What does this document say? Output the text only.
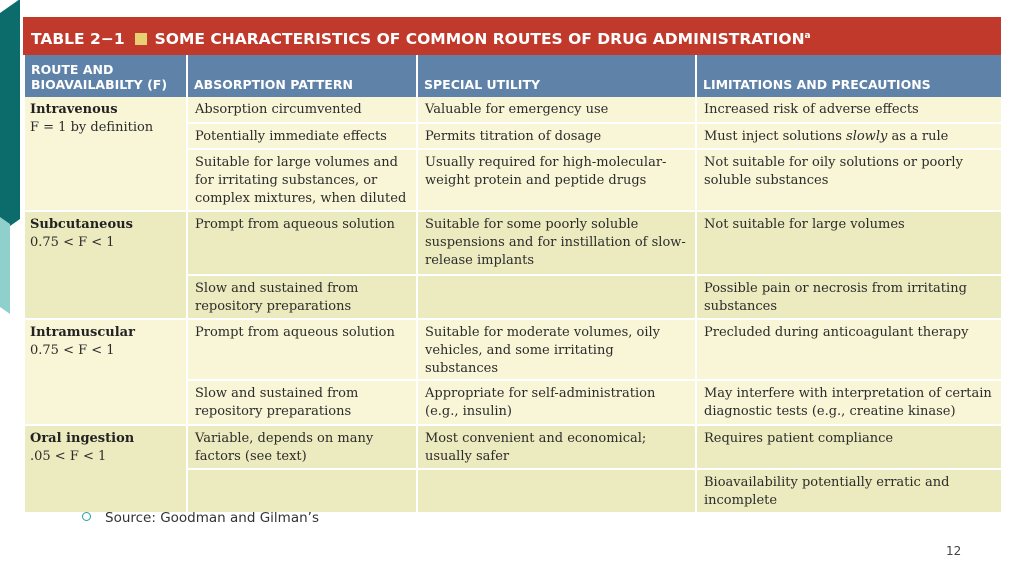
TABLE 2−1 SOME CHARACTERISTICS OF COMMON ROUTES OF DRUG ADMINISTRATION$^a$
ROUTE AND
BIOAVAILABILTY (F)	ABSORPTION PATTERN	SPECIAL UTILITY	LIMITATIONS AND PRECAUTIONS
Intravenous
F = 1 by definition	Absorption circumvented	Valuable for emergency use	Increased risk of adverse effects
	Potentially immediate effects	Permits titration of dosage	Must inject solutions slowly as a rule
	Suitable for large volumes and for irritating substances, or complex mixtures, when diluted	Usually required for high-molecular-weight protein and peptide drugs	Not suitable for oily solutions or poorly soluble substances
Subcutaneous
0.75 < F < 1	Prompt from aqueous solution	Suitable for some poorly soluble suspensions and for instillation of slow-release implants	Not suitable for large volumes
	Slow and sustained from repository preparations		Possible pain or necrosis from irritating substances
Intramuscular
0.75 < F < 1	Prompt from aqueous solution	Suitable for moderate volumes, oily vehicles, and some irritating substances	Precluded during anticoagulant therapy
	Slow and sustained from repository preparations	Appropriate for self-administration (e.g., insulin)	May interfere with interpretation of certain diagnostic tests (e.g., creatine kinase)
Oral ingestion
.05 < F < 1	Variable, depends on many factors (see text)	Most convenient and economical; usually safer	Requires patient compliance
			Bioavailability potentially erratic and incomplete
Source: Goodman and Gilman’s
12
